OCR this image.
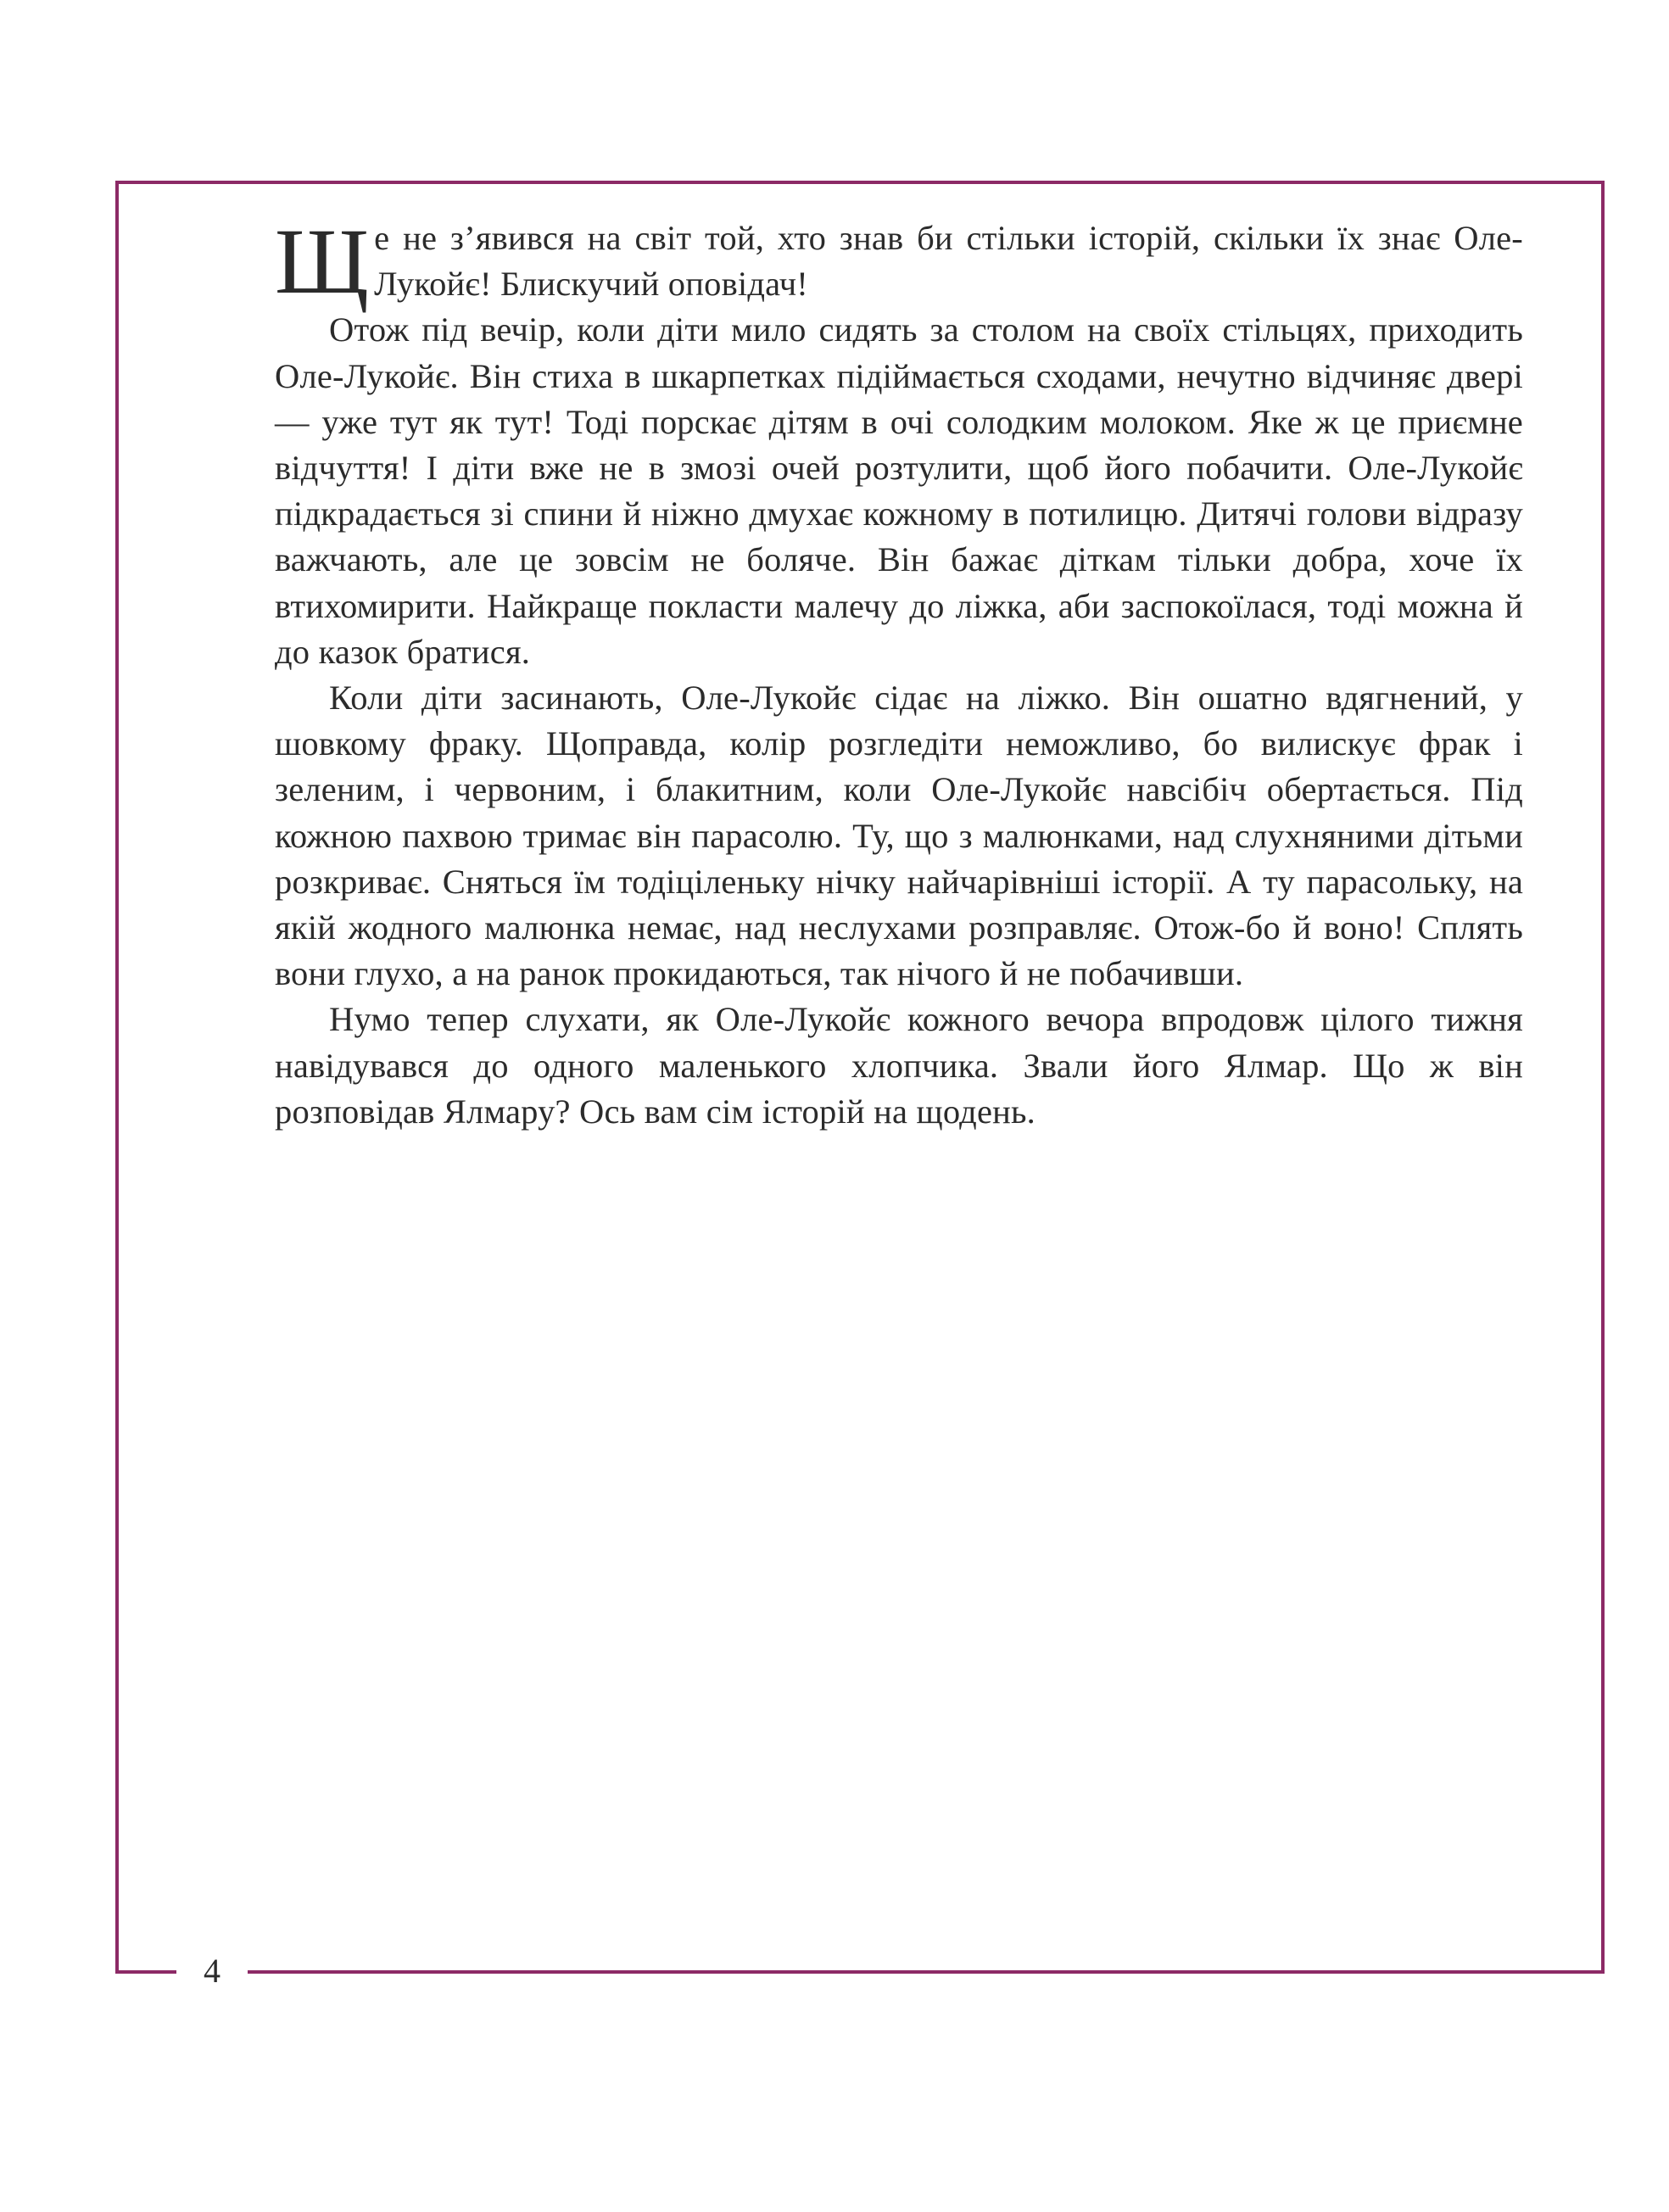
Ще не з’явився на світ той, хто знав би стільки історій, скільки їх знає Оле-Лукойє! Блискучий оповідач!

Отож під вечір, коли діти мило сидять за столом на своїх стільцях, приходить Оле-Лукойє. Він стиха в шкарпетках підіймається сходами, нечутно відчиняє двері — уже тут як тут! Тоді порскає дітям в очі солодким молоком. Яке ж це приємне відчуття! І діти вже не в змозі очей розтулити, щоб його побачити. Оле-Лукойє підкрадається зі спини й ніжно дмухає кожному в потилицю. Дитячі голови відразу важчають, але це зовсім не боляче. Він бажає діткам тільки добра, хоче їх втихомирити. Найкраще покласти малечу до ліжка, аби заспокоїлася, тоді можна й до казок братися.

Коли діти засинають, Оле-Лукойє сідає на ліжко. Він ошатно вдягнений, у шовкому фраку. Щоправда, колір розгледіти неможливо, бо вилискує фрак і зеленим, і червоним, і блакитним, коли Оле-Лукойє навсібіч обертається. Під кожною пахвою тримає він парасолю. Ту, що з малюнками, над слухняними дітьми розкриває. Сняться їм тодіціленьку нічку найчарівніші історії. А ту парасольку, на якій жодного малюнка немає, над неслухами розправляє. Отож-бо й воно! Сплять вони глухо, а на ранок прокидаються, так нічого й не побачивши.

Нумо тепер слухати, як Оле-Лукойє кожного вечора впродовж цілого тижня навідувався до одного маленького хлопчика. Звали його Ялмар. Що ж він розповідав Ялмару? Ось вам сім історій на щодень.

4
